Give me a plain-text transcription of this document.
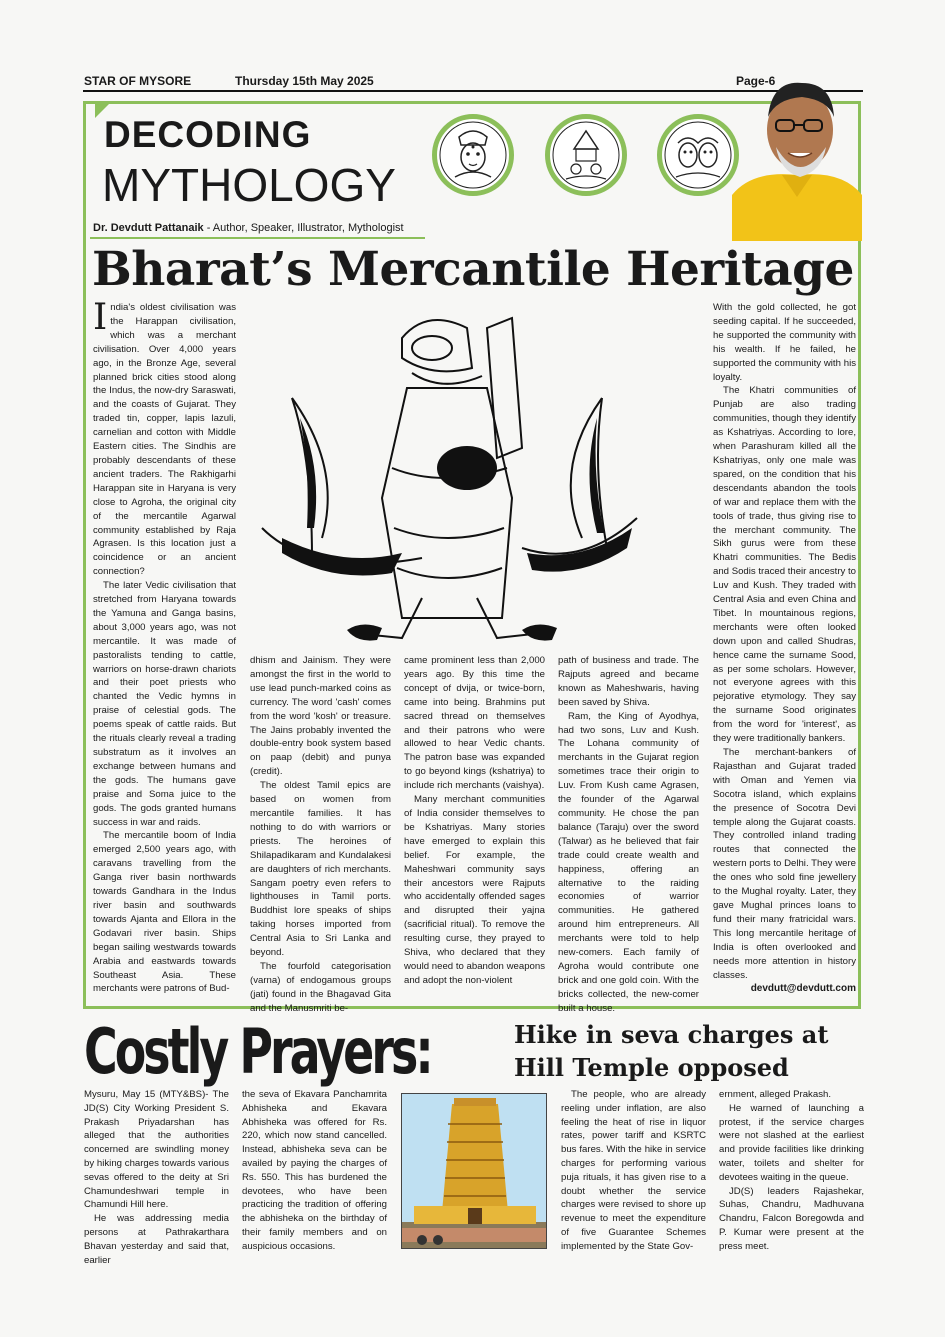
STAR OF MYSORE	Thursday 15th May 2025	Page-6
DECODING
MYTHOLOGY
Dr. Devdutt Pattanaik - Author, Speaker, Illustrator, Mythologist
Bharat’s Mercantile Heritage

India's oldest civilisation was the Harappan civilisation, which was a merchant civilisation. Over 4,000 years ago, in the Bronze Age, several planned brick cities stood along the Indus, the now-dry Saraswati, and the coasts of Gujarat. They traded tin, copper, lapis lazuli, carnelian and cotton with Middle Eastern cities. The Sindhis are probably descendants of these ancient traders. The Rakhigarhi Harappan site in Haryana is very close to Agroha, the original city of the mercantile Agarwal community established by Raja Agrasen. Is this location just a coincidence or an ancient connection?

The later Vedic civilisation that stretched from Haryana towards the Yamuna and Ganga basins, about 3,000 years ago, was not mercantile. It was made of pastoralists tending to cattle, warriors on horse-drawn chariots and their poet priests who chanted the Vedic hymns in praise of celestial gods. The poems speak of cattle raids. But the rituals clearly reveal a trading substratum as it involves an exchange between humans and the gods. The humans gave praise and Soma juice to the gods. The gods granted humans success in war and raids.

The mercantile boom of India emerged 2,500 years ago, with caravans travelling from the Ganga river basin northwards towards Gandhara in the Indus river basin and southwards towards Ajanta and Ellora in the Godavari river basin. Ships began sailing westwards towards Arabia and eastwards towards Southeast Asia. These merchants were patrons of Bud-

dhism and Jainism. They were amongst the first in the world to use lead punch-marked coins as currency. The word 'cash' comes from the word 'kosh' or treasure. The Jains probably invented the double-entry book system based on paap (debit) and punya (credit).

The oldest Tamil epics are based on women from mercantile families. It has nothing to do with warriors or priests. The heroines of Shilapadikaram and Kundalakesi are daughters of rich merchants. Sangam poetry even refers to lighthouses in Tamil ports. Buddhist lore speaks of ships taking horses imported from Central Asia to Sri Lanka and beyond.

The fourfold categorisation (varna) of endogamous groups (jati) found in the Bhagavad Gita and the Manusmriti be-

came prominent less than 2,000 years ago. By this time the concept of dvija, or twice-born, came into being. Brahmins put sacred thread on themselves and their patrons who were allowed to hear Vedic chants. The patron base was expanded to go beyond kings (kshatriya) to include rich merchants (vaishya).

Many merchant communities of India consider themselves to be Kshatriyas. Many stories have emerged to explain this belief. For example, the Maheshwari community says their ancestors were Rajputs who accidentally offended sages and disrupted their yajna (sacrificial ritual). To remove the resulting curse, they prayed to Shiva, who declared that they would need to abandon weapons and adopt the non-violent

path of business and trade. The Rajputs agreed and became known as Maheshwaris, having been saved by Shiva.

Ram, the King of Ayodhya, had two sons, Luv and Kush. The Lohana community of merchants in the Gujarat region sometimes trace their origin to Luv. From Kush came Agrasen, the founder of the Agarwal community. He chose the pan balance (Taraju) over the sword (Talwar) as he believed that fair trade could create wealth and happiness, offering an alternative to the raiding economies of warrior communities. He gathered around him entrepreneurs. All merchants were told to help new-comers. Each family of Agroha would contribute one brick and one gold coin. With the bricks collected, the new-comer built a house.

With the gold collected, he got seeding capital. If he succeeded, he supported the community with his wealth. If he failed, he supported the community with his loyalty.

The Khatri communities of Punjab are also trading communities, though they identify as Kshatriyas. According to lore, when Parashuram killed all the Kshatriyas, only one male was spared, on the condition that his descendants abandon the tools of war and replace them with the tools of trade, thus giving rise to the merchant community. The Sikh gurus were from these Khatri communities. The Bedis and Sodis traced their ancestry to Luv and Kush. They traded with Central Asia and even China and Tibet. In mountainous regions, merchants were often looked down upon and called Shudras, hence came the surname Sood, as per some scholars. However, not everyone agrees with this pejorative etymology. They say the surname Sood originates from the word for 'interest', as they were traditionally bankers.

The merchant-bankers of Rajasthan and Gujarat traded with Oman and Yemen via Socotra island, which explains the presence of Socotra Devi temple along the Gujarat coasts. They controlled inland trading routes that connected the western ports to Delhi. They were the ones who sold fine jewellery to the Mughal royalty. Later, they gave Mughal princes loans to fund their many fratricidal wars. This long mercantile heritage of India is often overlooked and needs more attention in history classes.

devdutt@devdutt.com
Costly Prayers:	Hike in seva charges at
Hill Temple opposed

Mysuru, May 15 (MTY&BS)- The JD(S) City Working President S. Prakash Priyadarshan has alleged that the authorities concerned are swindling money by hiking charges towards various sevas offered to the deity at Sri Chamundeshwari temple in Chamundi Hill here.

He was addressing media persons at Pathrakarthara Bhavan yesterday and said that, earlier

the seva of Ekavara Panchamrita Abhisheka and Ekavara Abhisheka was offered for Rs. 220, which now stand cancelled. Instead, abhisheka seva can be availed by paying the charges of Rs. 550. This has burdened the devotees, who have been practicing the tradition of offering the abhisheka on the birthday of their family members and on auspicious occasions.

The people, who are already reeling under inflation, are also feeling the heat of rise in liquor rates, power tariff and KSRTC bus fares. With the hike in service charges for performing various puja rituals, it has given rise to a doubt whether the service charges were revised to shore up revenue to meet the expenditure of five Guarantee Schemes implemented by the State Gov-

ernment, alleged Prakash.

He warned of launching a protest, if the service charges were not slashed at the earliest and provide facilities like drinking water, toilets and shelter for devotees waiting in the queue.

JD(S) leaders Rajashekar, Suhas, Chandru, Madhuvana Chandru, Falcon Boregowda and P. Kumar were present at the press meet.
